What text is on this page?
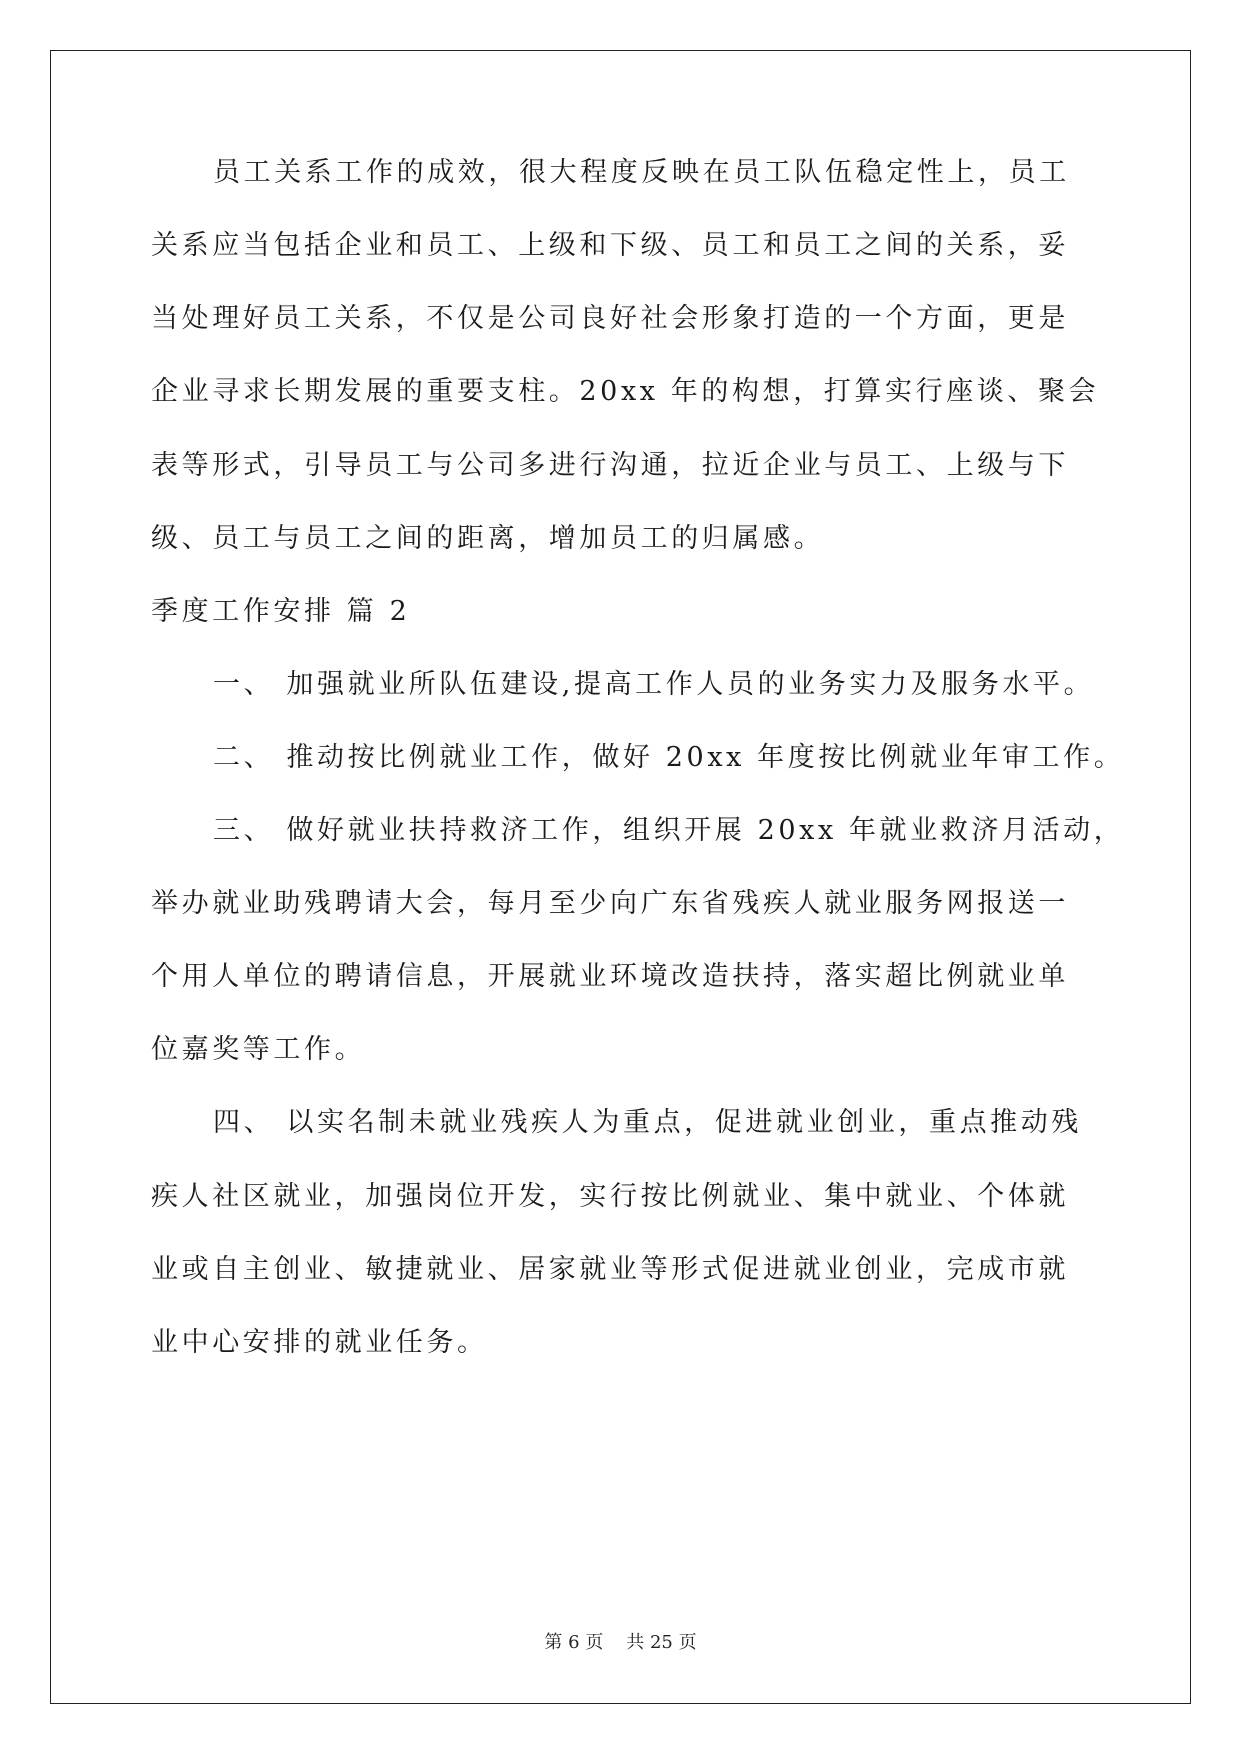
员工关系工作的成效，很大程度反映在员工队伍稳定性上，员工
关系应当包括企业和员工、上级和下级、员工和员工之间的关系，妥
当处理好员工关系，不仅是公司良好社会形象打造的一个方面，更是
企业寻求长期发展的重要支柱。20xx 年的构想，打算实行座谈、聚会
表等形式，引导员工与公司多进行沟通，拉近企业与员工、上级与下
级、员工与员工之间的距离，增加员工的归属感。
季度工作安排 篇 2
一、 加强就业所队伍建设,提高工作人员的业务实力及服务水平。
二、 推动按比例就业工作，做好 20xx 年度按比例就业年审工作。
三、 做好就业扶持救济工作，组织开展 20xx 年就业救济月活动，
举办就业助残聘请大会，每月至少向广东省残疾人就业服务网报送一
个用人单位的聘请信息，开展就业环境改造扶持，落实超比例就业单
位嘉奖等工作。
四、 以实名制未就业残疾人为重点，促进就业创业，重点推动残
疾人社区就业，加强岗位开发，实行按比例就业、集中就业、个体就
业或自主创业、敏捷就业、居家就业等形式促进就业创业，完成市就
业中心安排的就业任务。
第 6 页 共 25 页
